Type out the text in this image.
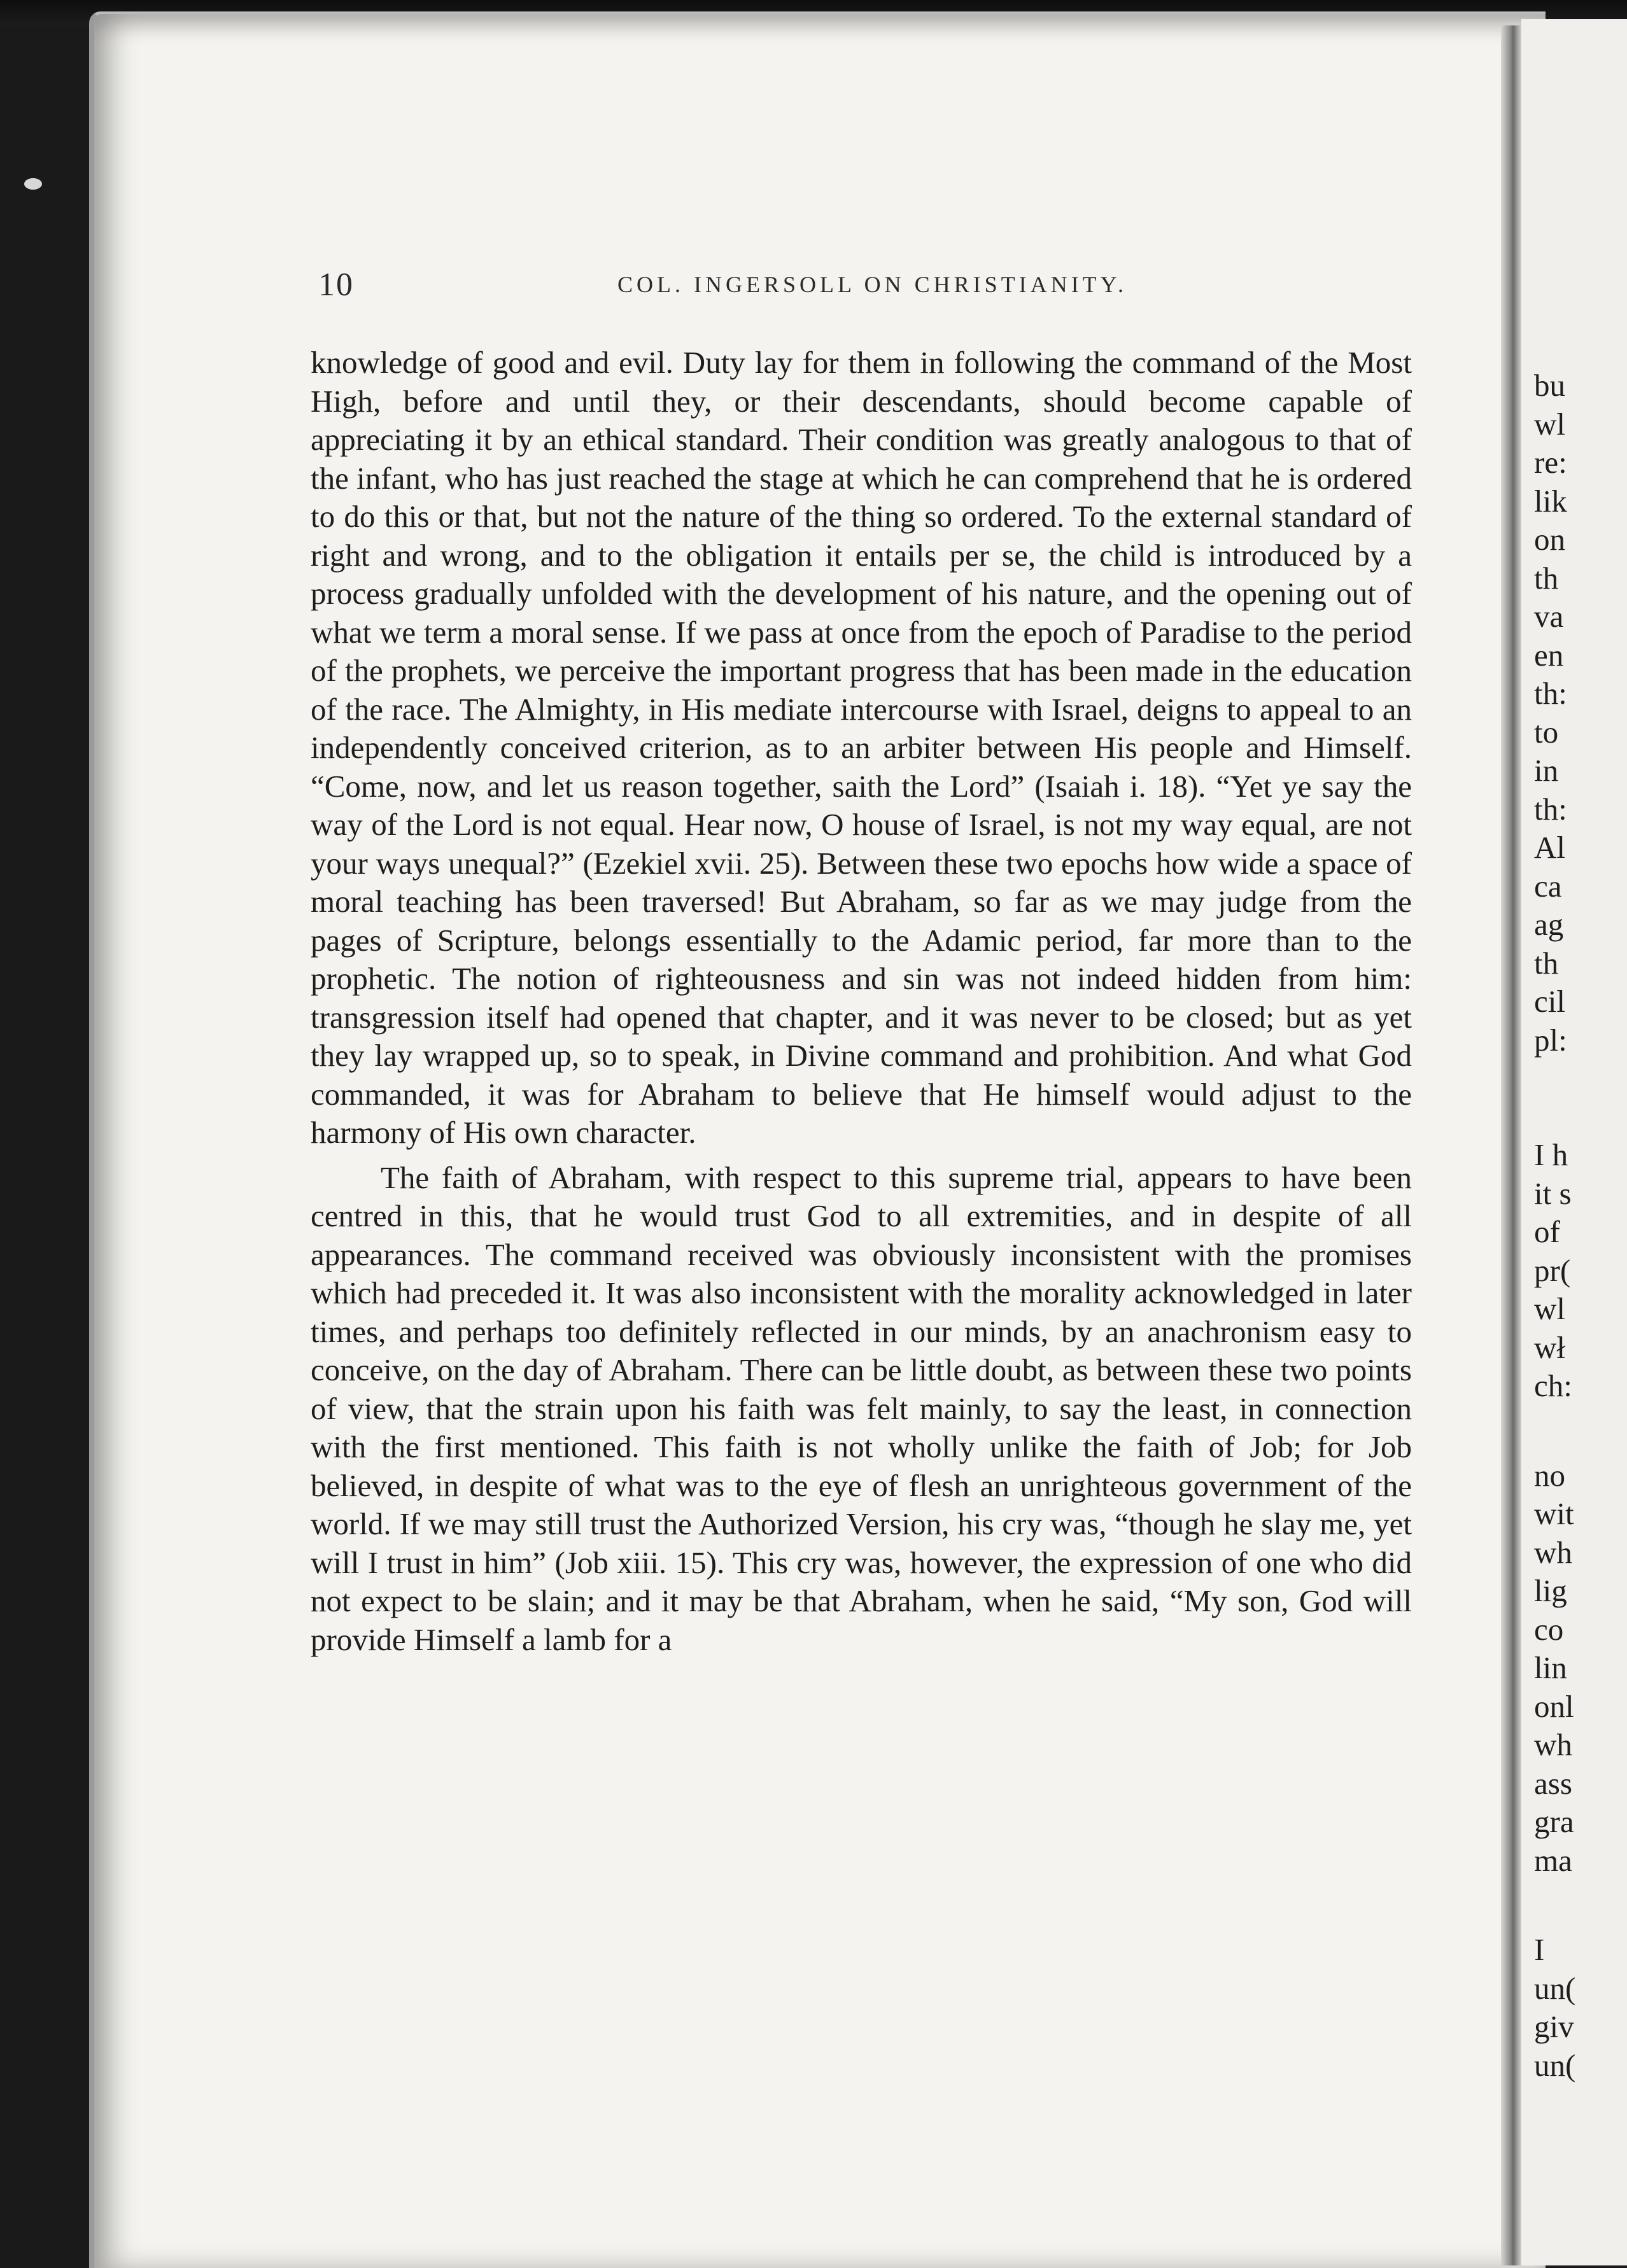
bu
wl
re:
lik
on
th
va
en
th:
to
in
th:
Al
ca
ag
th
cil
pl:
I h
it s
of
pr(
wl
wł
ch:
no
wit
wh
lig
co
lin
onl
wh
ass
gra
ma
I
un(
giv
un(
10	COL. INGERSOLL ON CHRISTIANITY.

knowledge of good and evil. Duty lay for them in following the command of the Most High, before and until they, or their descendants, should become capable of appreciating it by an ethical standard. Their condition was greatly analogous to that of the infant, who has just reached the stage at which he can comprehend that he is ordered to do this or that, but not the nature of the thing so ordered. To the external standard of right and wrong, and to the obligation it entails per se, the child is introduced by a process gradually unfolded with the development of his nature, and the opening out of what we term a moral sense. If we pass at once from the epoch of Paradise to the period of the prophets, we perceive the important progress that has been made in the education of the race. The Almighty, in His mediate intercourse with Israel, deigns to appeal to an independently conceived criterion, as to an arbiter between His people and Himself. “Come, now, and let us reason together, saith the Lord” (Isaiah i. 18). “Yet ye say the way of the Lord is not equal. Hear now, O house of Israel, is not my way equal, are not your ways unequal?” (Ezekiel xvii. 25). Between these two epochs how wide a space of moral teaching has been traversed! But Abraham, so far as we may judge from the pages of Scripture, belongs essentially to the Adamic period, far more than to the prophetic. The notion of righteousness and sin was not indeed hidden from him: transgression itself had opened that chapter, and it was never to be closed; but as yet they lay wrapped up, so to speak, in Divine command and prohibition. And what God commanded, it was for Abraham to believe that He himself would adjust to the harmony of His own character.

The faith of Abraham, with respect to this supreme trial, appears to have been centred in this, that he would trust God to all extremities, and in despite of all appearances. The command received was obviously inconsistent with the promises which had preceded it. It was also inconsistent with the morality acknowledged in later times, and perhaps too definitely reflected in our minds, by an anachronism easy to conceive, on the day of Abraham. There can be little doubt, as between these two points of view, that the strain upon his faith was felt mainly, to say the least, in connection with the first mentioned. This faith is not wholly unlike the faith of Job; for Job believed, in despite of what was to the eye of flesh an unrighteous government of the world. If we may still trust the Authorized Version, his cry was, “though he slay me, yet will I trust in him” (Job xiii. 15). This cry was, however, the expression of one who did not expect to be slain; and it may be that Abraham, when he said, “My son, God will provide Himself a lamb for a
